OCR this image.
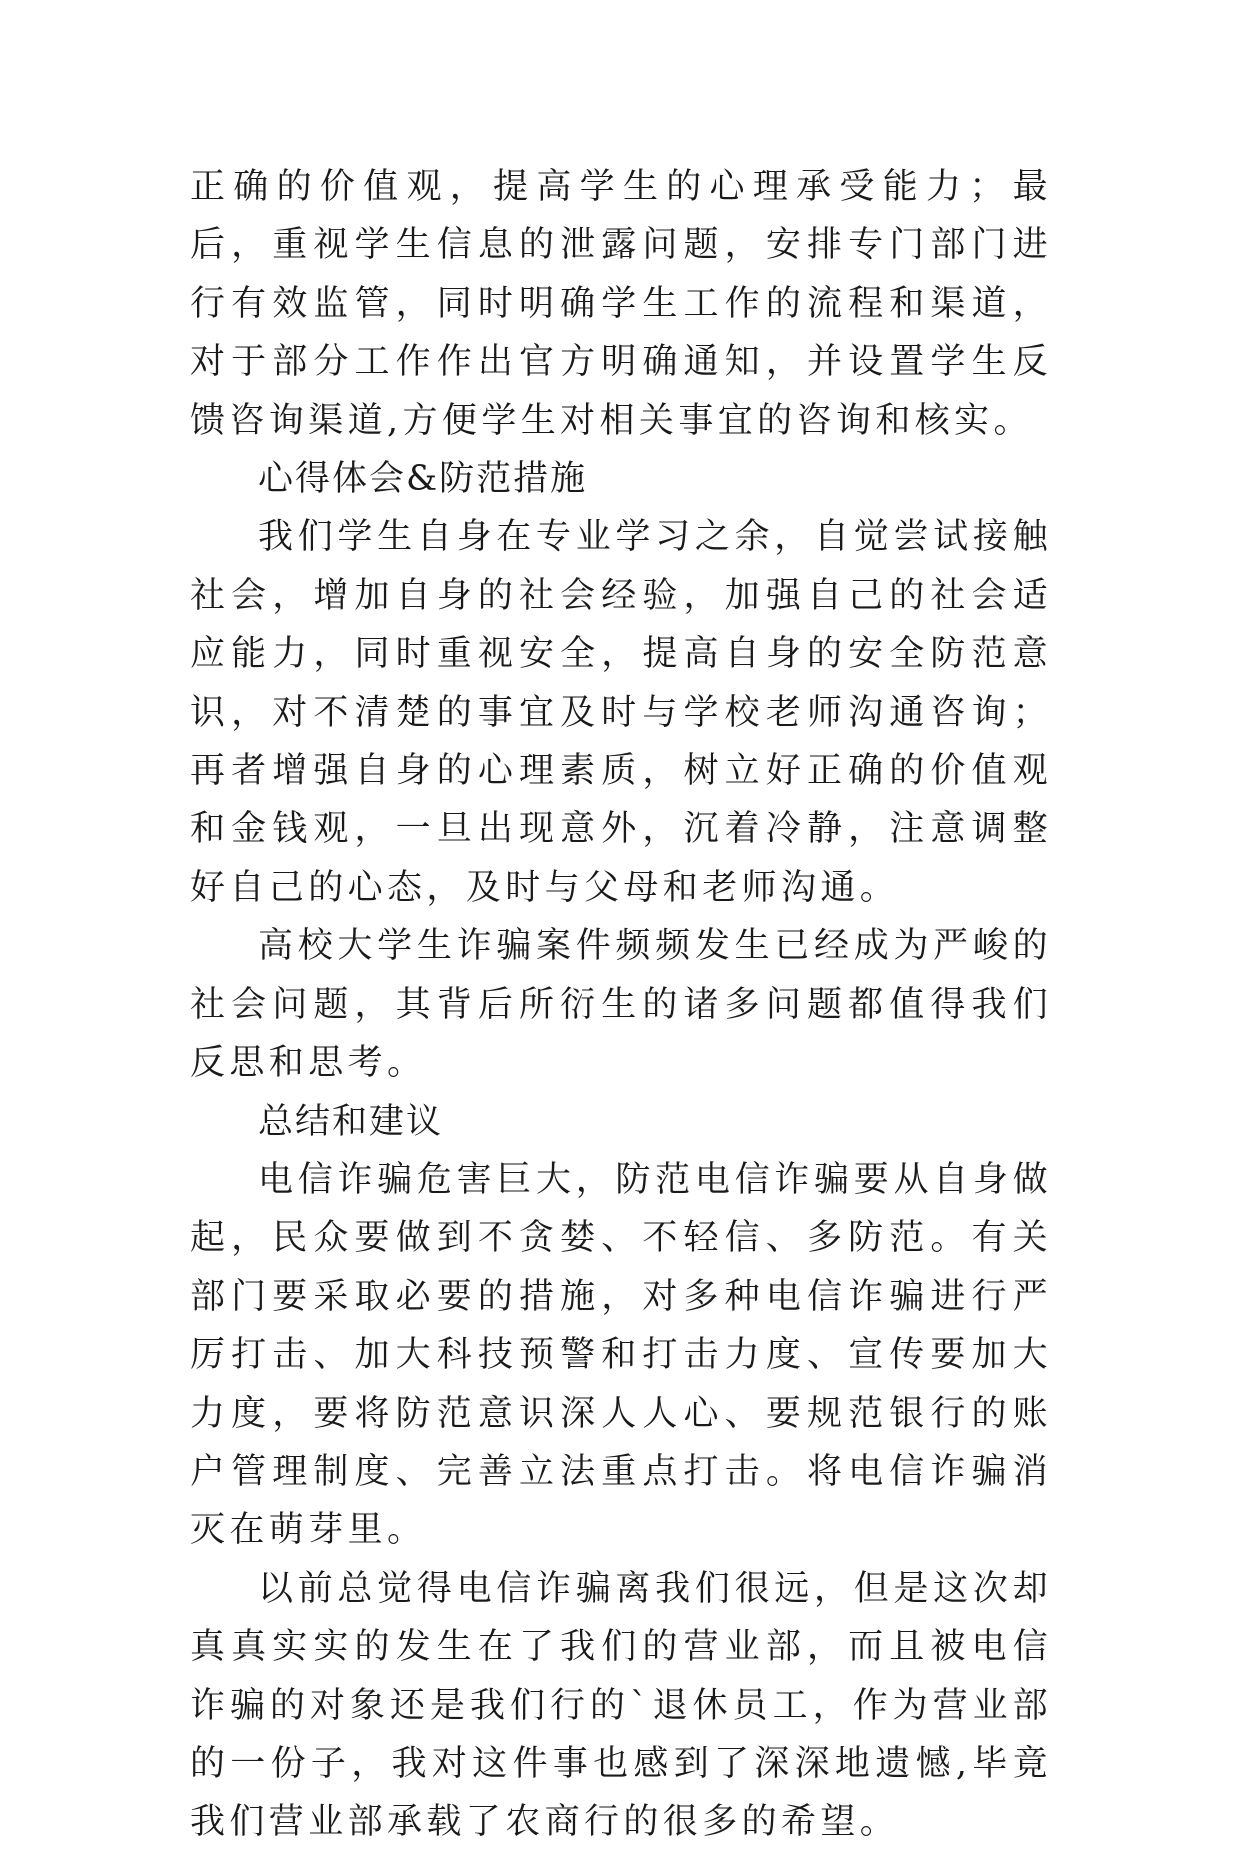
正确的价值观，提高学生的心理承受能力；最后，重视学生信息的泄露问题，安排专门部门进行有效监管，同时明确学生工作的流程和渠道，对于部分工作作出官方明确通知，并设置学生反馈咨询渠道,方便学生对相关事宜的咨询和核实。

心得体会&防范措施

我们学生自身在专业学习之余，自觉尝试接触社会，增加自身的社会经验，加强自己的社会适应能力，同时重视安全，提高自身的安全防范意识，对不清楚的事宜及时与学校老师沟通咨询；再者增强自身的心理素质，树立好正确的价值观和金钱观，一旦出现意外，沉着冷静，注意调整好自己的心态，及时与父母和老师沟通。

高校大学生诈骗案件频频发生已经成为严峻的社会问题，其背后所衍生的诸多问题都值得我们反思和思考。

总结和建议

电信诈骗危害巨大，防范电信诈骗要从自身做起，民众要做到不贪婪、不轻信、多防范。有关部门要采取必要的措施，对多种电信诈骗进行严厉打击、加大科技预警和打击力度、宣传要加大力度，要将防范意识深人人心、要规范银行的账户管理制度、完善立法重点打击。将电信诈骗消灭在萌芽里。

以前总觉得电信诈骗离我们很远，但是这次却真真实实的发生在了我们的营业部，而且被电信诈骗的对象还是我们行的`退休员工，作为营业部的一份子，我对这件事也感到了深深地遗憾,毕竟我们营业部承载了农商行的很多的希望。
